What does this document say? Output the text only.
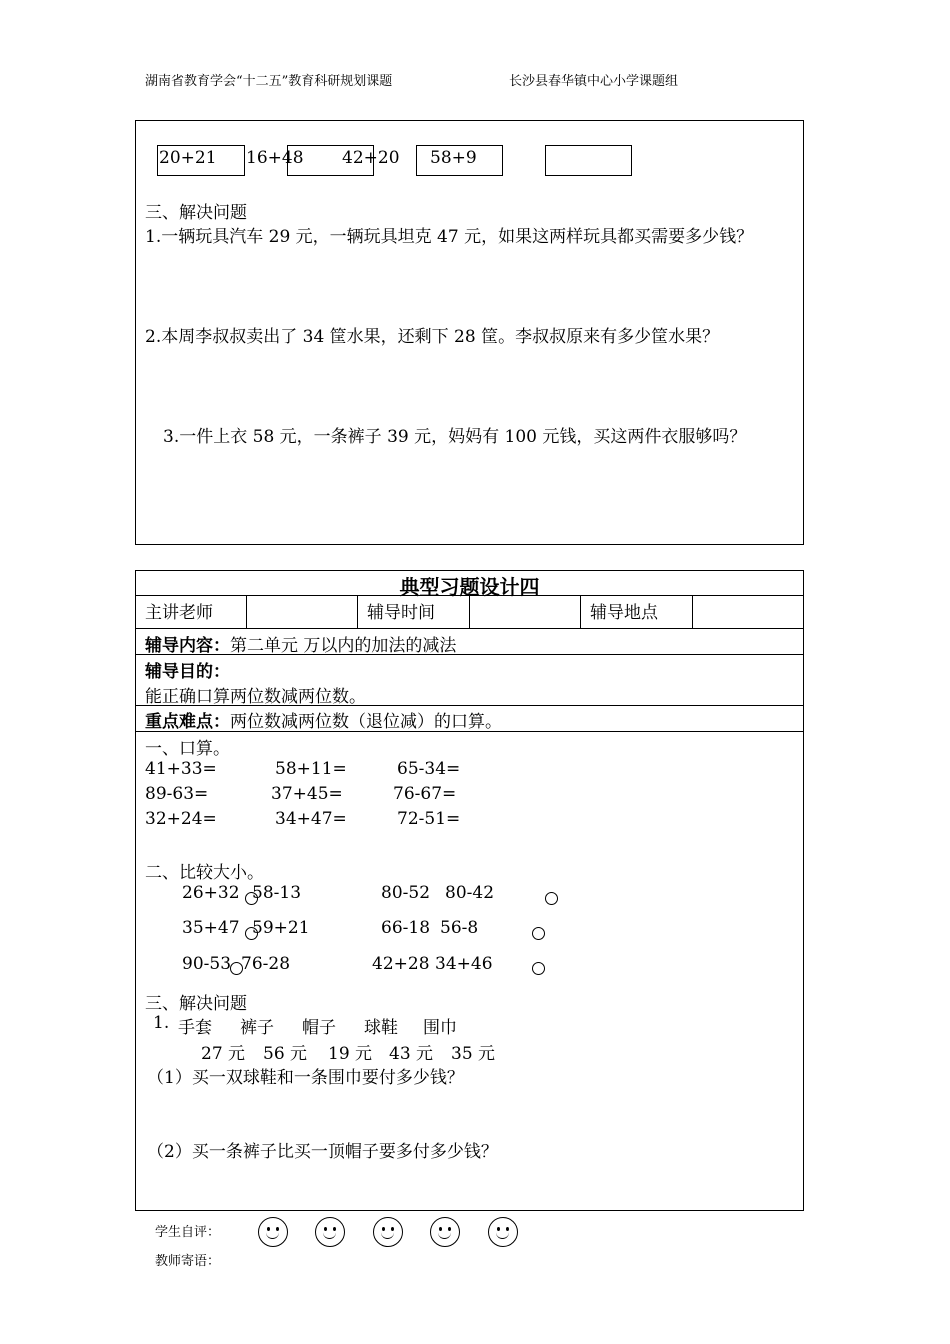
湖南省教育学会“十二五”教育科研规划课题	长沙县春华镇中心小学课题组
20+21 16+48 42+20 58+9
三、解决问题
1.一辆玩具汽车 29 元，一辆玩具坦克 47 元，如果这两样玩具都买需要多少钱？
2.本周李叔叔卖出了 34 筐水果，还剩下 28 筐。李叔叔原来有多少筐水果？
3.一件上衣 58 元，一条裤子 39 元，妈妈有 100 元钱，买这两件衣服够吗？
典型习题设计四
主讲老师	辅导时间	辅导地点
辅导内容：第二单元 万以内的加法的减法
辅导目的：
能正确口算两位数减两位数。
重点难点：两位数减两位数（退位减）的口算。
一、口算。
41+33=	58+11=	65-34=
89-63=	37+45=	76-67=
32+24=	34+47=	72-51=
二、比较大小。
26+32 58-13	80-52 80-42
35+47 59+21	66-18 56-8
90-53 76-28	42+28 34+46
三、解决问题
1. 手套 裤子 帽子 球鞋 围巾
27 元 56 元 19 元 43 元 35 元
（1）买一双球鞋和一条围巾要付多少钱？
（2）买一条裤子比买一顶帽子要多付多少钱？
学生自评：
教师寄语：
